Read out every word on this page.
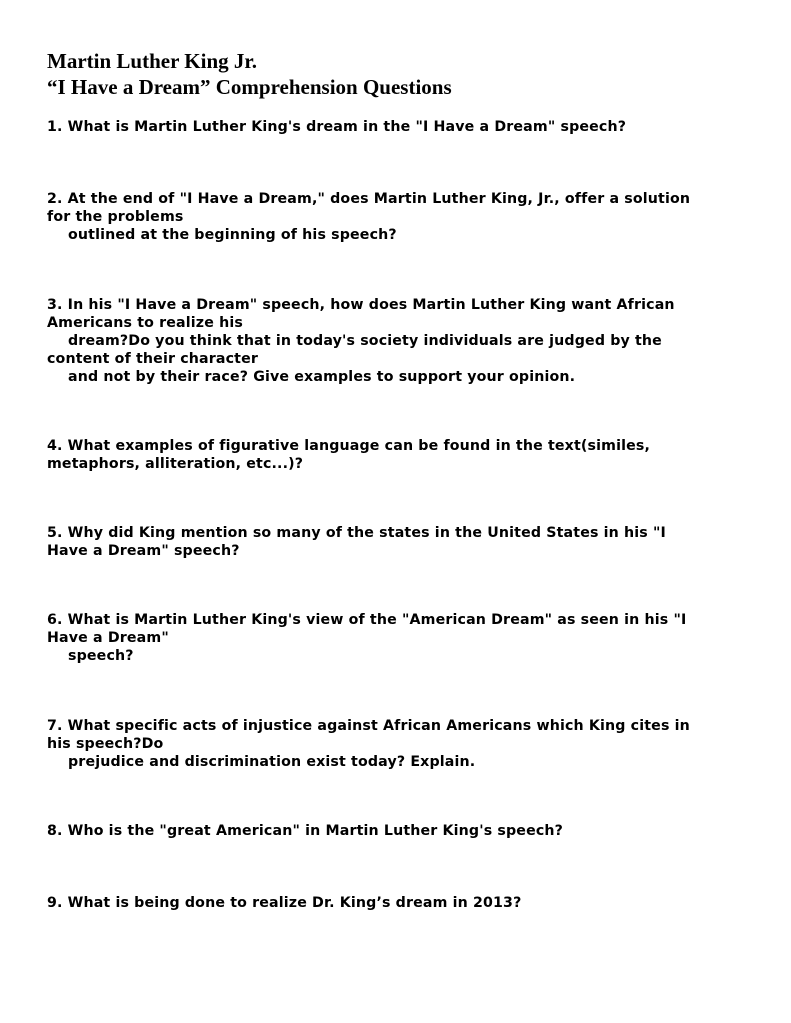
Martin Luther King Jr.
“I Have a Dream” Comprehension Questions
1. What is Martin Luther King's dream in the "I Have a Dream" speech?
2. At the end of "I Have a Dream," does Martin Luther King, Jr., offer a solution
for the problems
outlined at the beginning of his speech?
3. In his "I Have a Dream" speech, how does Martin Luther King want African
Americans to realize his
dream?Do you think that in today's society individuals are judged by the
content of their character
and not by their race? Give examples to support your opinion.
4. What examples of figurative language can be found in the text(similes,
metaphors, alliteration, etc...)?
5. Why did King mention so many of the states in the United States in his "I
Have a Dream" speech?
6. What is Martin Luther King's view of the "American Dream" as seen in his "I
Have a Dream"
speech?
7. What specific acts of injustice against African Americans which King cites in
his speech?Do
prejudice and discrimination exist today? Explain.
8. Who is the "great American" in Martin Luther King's speech?
9. What is being done to realize Dr. King’s dream in 2013?
